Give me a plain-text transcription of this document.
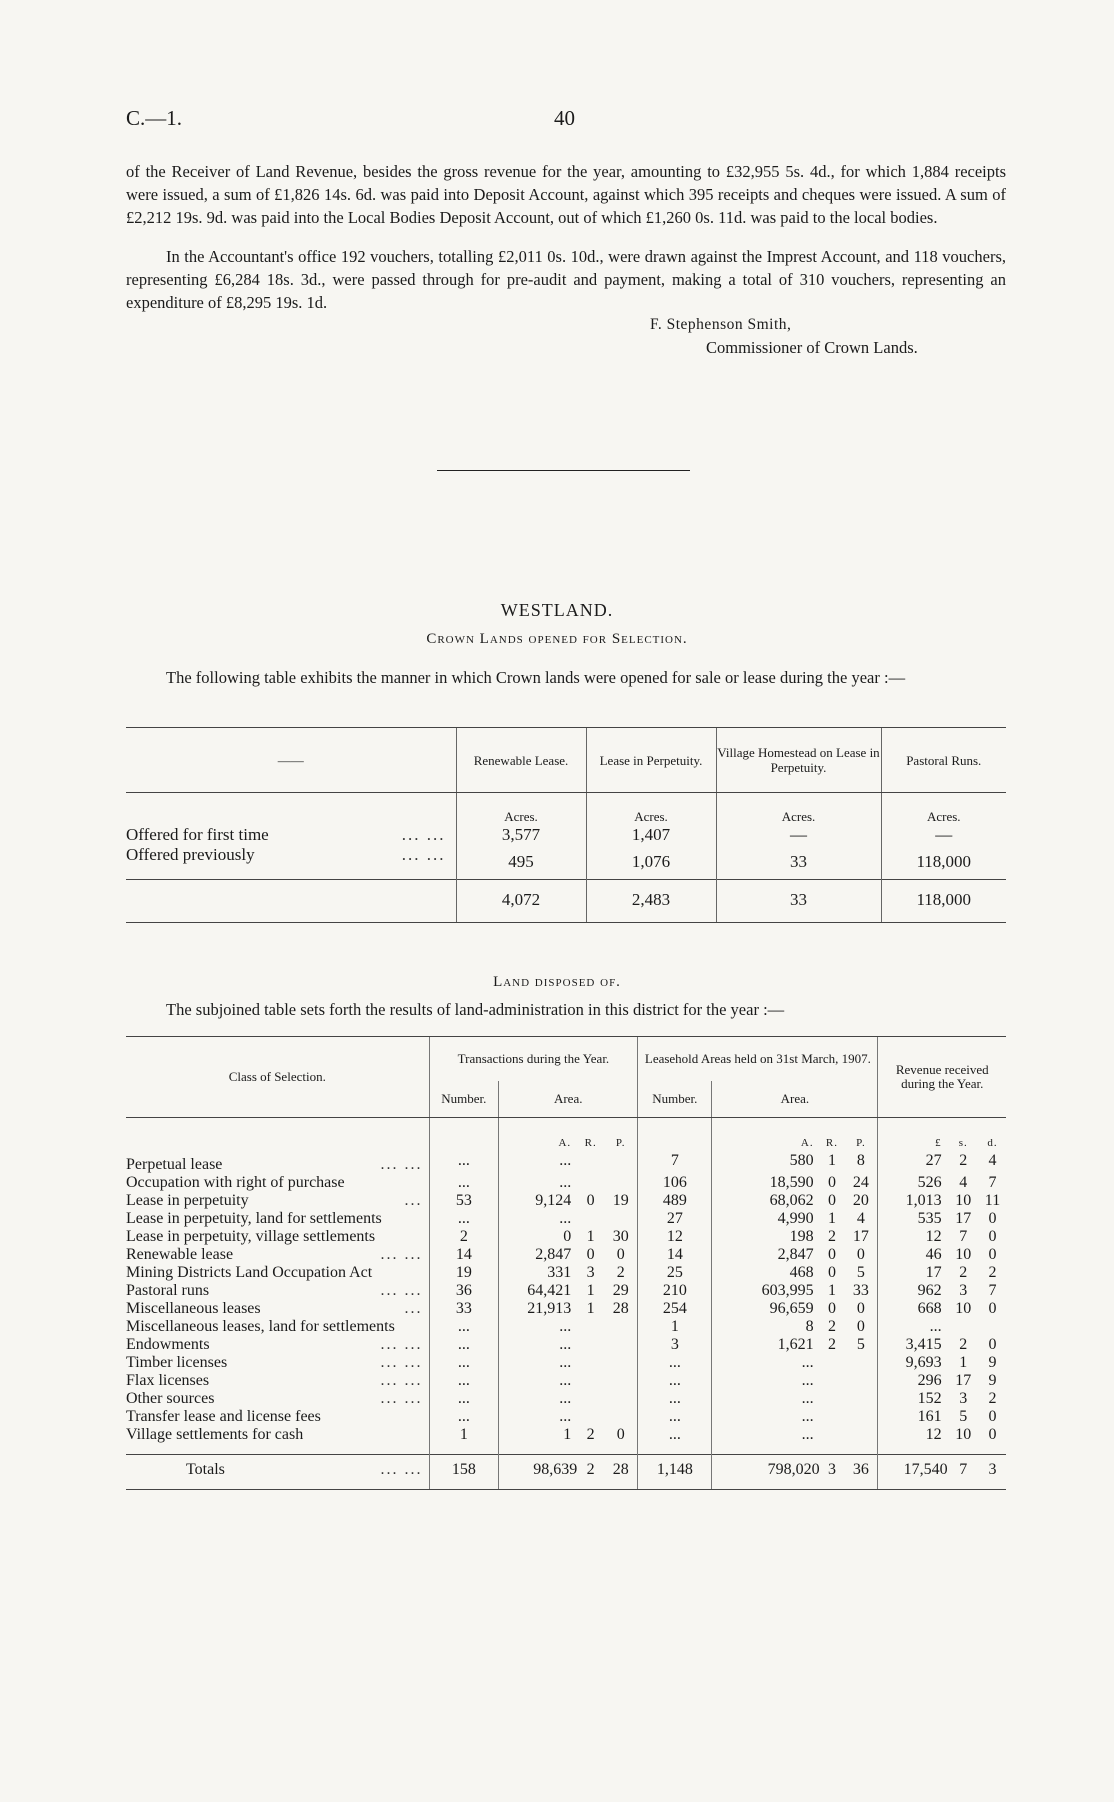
C.—1.	40
of the Receiver of Land Revenue, besides the gross revenue for the year, amounting to £32,955 5s. 4d., for which 1,884 receipts were issued, a sum of £1,826 14s. 6d. was paid into Deposit Account, against which 395 receipts and cheques were issued. A sum of £2,212 19s. 9d. was paid into the Local Bodies Deposit Account, out of which £1,260 0s. 11d. was paid to the local bodies.
In the Accountant's office 192 vouchers, totalling £2,011 0s. 10d., were drawn against the Imprest Account, and 118 vouchers, representing £6,284 18s. 3d., were passed through for pre-audit and payment, making a total of 310 vouchers, representing an expenditure of £8,295 19s. 1d.
F. Stephenson Smith,
Commissioner of Crown Lands.
WESTLAND.
Crown Lands opened for Selection.
The following table exhibits the manner in which Crown lands were opened for sale or lease during the year :—
——	Renewable Lease.	Lease in Perpetuity.	Village Homestead on Lease in Perpetuity.	Pastoral Runs.
	Acres.	Acres.	Acres.	Acres.
Offered for first time ... ...	3,577	1,407	—	—
Offered previously ... ...	495	1,076	33	118,000
	4,072	2,483	33	118,000
Land disposed of.
The subjoined table sets forth the results of land-administration in this district for the year :—
Class of Selection.	Transactions during the Year.				Leasehold Areas held on 31st March, 1907.				Revenue received during the Year.		
	Number.	Area.			Number.	Area.					
		A.	R.	P.		A.	R.	P.	£	s.	d.
Perpetual lease ... ...	...	...			7	580	1	8	27	2	4
Occupation with right of purchase	...	...			106	18,590	0	24	526	4	7
Lease in perpetuity ...	53	9,124	0	19	489	68,062	0	20	1,013	10	11
Lease in perpetuity, land for settlements	...	...			27	4,990	1	4	535	17	0
Lease in perpetuity, village settlements	2	0	1	30	12	198	2	17	12	7	0
Renewable lease ... ...	14	2,847	0	0	14	2,847	0	0	46	10	0
Mining Districts Land Occupation Act	19	331	3	2	25	468	0	5	17	2	2
Pastoral runs ... ...	36	64,421	1	29	210	603,995	1	33	962	3	7
Miscellaneous leases ...	33	21,913	1	28	254	96,659	0	0	668	10	0
Miscellaneous leases, land for settlements	...	...			1	8	2	0	...		
Endowments ... ...	...	...			3	1,621	2	5	3,415	2	0
Timber licenses ... ...	...	...			...	...			9,693	1	9
Flax licenses ... ...	...	...			...	...			296	17	9
Other sources ... ...	...	...			...	...			152	3	2
Transfer lease and license fees	...	...			...	...			161	5	0
Village settlements for cash	1	1	2	0	...	...			12	10	0

Totals ... ...	158	98,639	2	28	1,148	798,020	3	36	17,540	7	3
